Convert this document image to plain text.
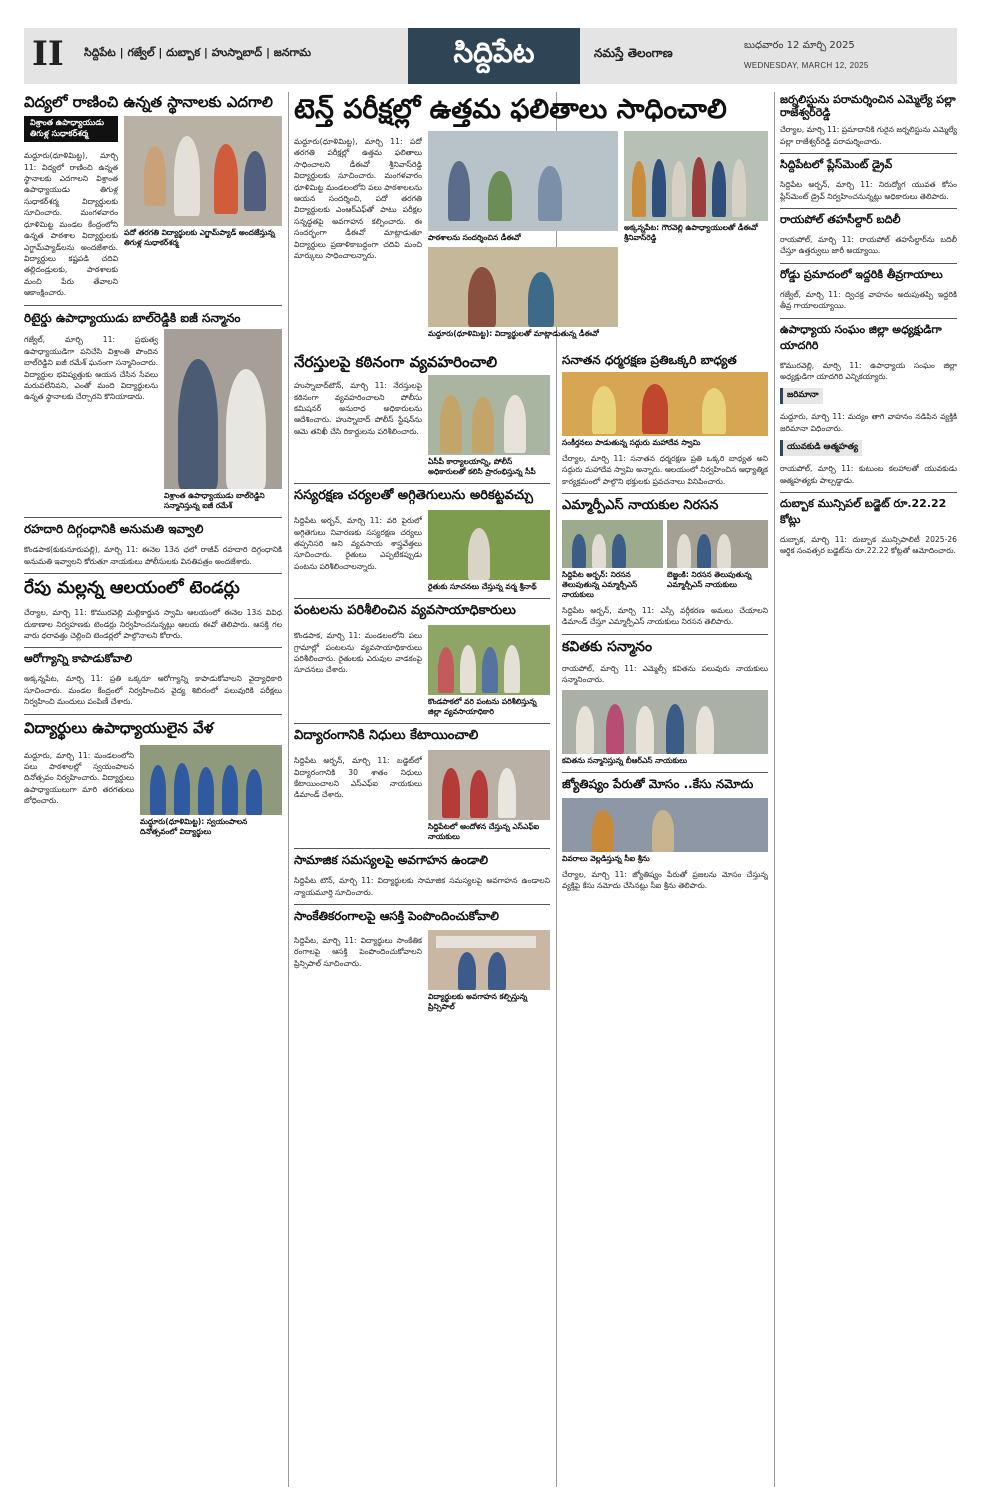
II సిద్దిపేట | గజ్వేల్ | దుబ్బాక | హుస్నాబాద్ | జనగామ	సిద్దిపేట	నమస్తే తెలంగాణ
బుధవారం 12 మార్చి 2025
WEDNESDAY, MARCH 12, 2025
విద్యలో రాణించి ఉన్నత స్థానాలకు ఎదగాలి
విశ్రాంత ఉపాధ్యాయుడు తిగుళ్ల సుధాకర్‌శర్మ
మద్దూరు(ధూళిమిట్ట), మార్చి 11: విద్యలో రాణించి ఉన్నత స్థానాలకు ఎదగాలని విశ్రాంత ఉపాధ్యాయుడు తిగుళ్ల సుధాకర్‌శర్మ విద్యార్థులకు సూచించారు. మంగళవారం ధూళిమిట్ట మండల కేంద్రంలోని ఉన్నత పాఠశాల విద్యార్థులకు ఎగ్జామ్‌ప్యాడ్‌లను అందజేశారు. విద్యార్థులు కష్టపడి చదివి తల్లిదండ్రులకు, పాఠశాలకు మంచి పేరు తేవాలని ఆకాంక్షించారు.
పదో తరగతి విద్యార్థులకు ఎగ్జామ్‌ప్యాడ్‌ అందజేస్తున్న తిగుళ్ల సుధాకర్‌శర్మ
రిటైర్డు ఉపాధ్యాయుడు బాల్‌రెడ్డికి ఐజీ సన్మానం
గజ్వేల్, మార్చి 11: ప్రభుత్వ ఉపాధ్యాయుడిగా పనిచేసి విశ్రాంతి పొందిన బాల్‌రెడ్డిని ఐజీ రమేశ్ ఘనంగా సన్మానించారు. విద్యార్థుల భవిష్యత్తుకు ఆయన చేసిన సేవలు మరువలేనివని, ఎంతో మంది విద్యార్థులను ఉన్నత స్థానాలకు చేర్చారని కొనియాడారు.
విశ్రాంత ఉపాధ్యాయుడు బాల్‌రెడ్డిని సన్మానిస్తున్న ఐజీ రమేశ్
రహదారి దిగ్గంధానికి అనుమతి ఇవ్వాలి
కొండపాక(కుకునూరుపల్లి), మార్చి 11: ఈనెల 13న ఛలో రాజీవ్ రహదారి దిగ్గంధానికి అనుమతి ఇవ్వాలని కోరుతూ నాయకులు పోలీసులకు వినతిపత్రం అందజేశారు.
రేపు మల్లన్న ఆలయంలో టెండర్లు
చేర్యాల, మార్చి 11: కొమురవెల్లి మల్లికార్జున స్వామి ఆలయంలో ఈనెల 13న వివిధ దుకాణాల నిర్వహణకు టెండర్లు నిర్వహించనున్నట్లు ఆలయ ఈవో తెలిపారు. ఆసక్తి గల వారు ధరావత్తు చెల్లించి టెండర్లలో పాల్గొనాలని కోరారు.
ఆరోగ్యాన్ని కాపాడుకోవాలి
అక్కన్నపేట, మార్చి 11: ప్రతి ఒక్కరూ ఆరోగ్యాన్ని కాపాడుకోవాలని వైద్యాధికారి సూచించారు. మండల కేంద్రంలో నిర్వహించిన వైద్య శిబిరంలో పలువురికి పరీక్షలు నిర్వహించి మందులు పంపిణీ చేశారు.
విద్యార్థులు ఉపాధ్యాయులైన వేళ
మద్దూరు, మార్చి 11: మండలంలోని పలు పాఠశాలల్లో స్వయంపాలన దినోత్సవం నిర్వహించారు. విద్యార్థులు ఉపాధ్యాయులుగా మారి తరగతులు బోధించారు.
మద్దూరు(ధూళిమిట్ట): స్వయంపాలన దినోత్సవంలో విద్యార్థులు
టెన్త్ పరీక్షల్లో ఉత్తమ ఫలితాలు సాధించాలి
మద్దూరు(ధూళిమిట్ట), మార్చి 11: పదో తరగతి పరీక్షల్లో ఉత్తమ ఫలితాలు సాధించాలని డీఈవో శ్రీనివాస్‌రెడ్డి విద్యార్థులకు సూచించారు. మంగళవారం ధూళిమిట్ట మండలంలోని పలు పాఠశాలలను ఆయన సందర్శించి, పదో తరగతి విద్యార్థులకు ఎంఆర్‌ఎఫ్‌తో పాటు పరీక్షల సన్నద్ధతపై అవగాహన కల్పించారు. ఈ సందర్భంగా డీఈవో మాట్లాడుతూ విద్యార్థులు ప్రణాళికాబద్ధంగా చదివి మంచి మార్కులు సాధించాలన్నారు.
పాఠశాలను సందర్శించిన డీఈవో
మద్దూరు(ధూళిమిట్ట): విద్యార్థులతో మాట్లాడుతున్న డీఈవో
అక్కన్నపేట: గౌరవెల్లి ఉపాధ్యాయులతో డీఈవో శ్రీనివాస్‌రెడ్డి
నేరస్తులపై కఠినంగా వ్యవహరించాలి
హుస్నాబాద్‌టౌన్, మార్చి 11: నేరస్తులపై కఠినంగా వ్యవహరించాలని పోలీసు కమిషనర్ అనురాధ అధికారులను ఆదేశించారు. హుస్నాబాద్ పోలీస్ స్టేషన్‌ను ఆమె తనిఖీ చేసి రికార్డులను పరిశీలించారు.
ఏసీపీ కార్యాలయాన్ని, పోలీస్ అధికారులతో కలిసి ప్రారంభిస్తున్న సీపీ
సస్యరక్షణ చర్యలతో అగ్గితెగులును అరికట్టవచ్చు
సిద్దిపేట అర్బన్, మార్చి 11: వరి పైరులో అగ్గితెగులు నివారణకు సస్యరక్షణ చర్యలు తప్పనిసరి అని వ్యవసాయ శాస్త్రవేత్తలు సూచించారు. రైతులు ఎప్పటికప్పుడు పంటను పరిశీలించాలన్నారు.
రైతుకు సూచనలు చేస్తున్న వర్మ శ్రీనాథ్
పంటలను పరిశీలించిన వ్యవసాయాధికారులు
కొండపాక, మార్చి 11: మండలంలోని పలు గ్రామాల్లో పంటలను వ్యవసాయాధికారులు పరిశీలించారు. రైతులకు ఎరువుల వాడకంపై సూచనలు చేశారు.
కొండపాకలో వరి పంటను పరిశీలిస్తున్న జిల్లా వ్యవసాయాధికారి
విద్యారంగానికి నిధులు కేటాయించాలి
సిద్దిపేట అర్బన్, మార్చి 11: బడ్జెట్‌లో విద్యారంగానికి 30 శాతం నిధులు కేటాయించాలని ఎస్‌ఎఫ్‌ఐ నాయకులు డిమాండ్ చేశారు.
సిద్దిపేటలో ఆందోళన చేస్తున్న ఎస్‌ఎఫ్‌ఐ నాయకులు
సామాజిక సమస్యలపై అవగాహన ఉండాలి
సిద్దిపేట టౌన్, మార్చి 11: విద్యార్థులకు సామాజిక సమస్యలపై అవగాహన ఉండాలని న్యాయమూర్తి సూచించారు.
సాంకేతికరంగాలపై ఆసక్తి పెంపొందించుకోవాలి
సిద్దిపేట, మార్చి 11: విద్యార్థులు సాంకేతిక రంగాలపై ఆసక్తి పెంపొందించుకోవాలని ప్రిన్సిపాల్ సూచించారు.
విద్యార్థులకు అవగాహన కల్పిస్తున్న ప్రిన్సిపాల్
సనాతన ధర్మరక్షణ ప్రతిఒక్కరి బాధ్యత
సంకీర్తనలు పాడుతున్న సద్గురు మహాదేవ స్వామి
చేర్యాల, మార్చి 11: సనాతన ధర్మరక్షణ ప్రతి ఒక్కరి బాధ్యత అని సద్గురు మహాదేవ స్వామి అన్నారు. ఆలయంలో నిర్వహించిన ఆధ్యాత్మిక కార్యక్రమంలో పాల్గొని భక్తులకు ప్రవచనాలు వినిపించారు.
ఎమ్మార్పీఎస్ నాయకుల నిరసన
సిద్దిపేట అర్బన్: నిరసన తెలుపుతున్న ఎమ్మార్పీఎస్ నాయకులు
బెజ్జంకి: నిరసన తెలుపుతున్న ఎమ్మార్పీఎస్ నాయకులు
సిద్దిపేట అర్బన్, మార్చి 11: ఎస్సీ వర్గీకరణ అమలు చేయాలని డిమాండ్ చేస్తూ ఎమ్మార్పీఎస్ నాయకులు నిరసన తెలిపారు.
కవితకు సన్మానం
రాయపోల్, మార్చి 11: ఎమ్మెల్సీ కవితను పలువురు నాయకులు సన్మానించారు.
కవితను సన్మానిస్తున్న బీఆర్ఎస్ నాయకులు
జ్యోతిష్యం పేరుతో మోసం ..కేసు నమోదు
వివరాలు వెల్లడిస్తున్న సీఐ శ్రీను
చేర్యాల, మార్చి 11: జ్యోతిష్యం పేరుతో ప్రజలను మోసం చేస్తున్న వ్యక్తిపై కేసు నమోదు చేసినట్లు సీఐ శ్రీను తెలిపారు.
జర్నలిస్టును పరామర్శించిన ఎమ్మెల్యే పల్లా రాజేశ్వర్‌రెడ్డి
చేర్యాల, మార్చి 11: ప్రమాదానికి గురైన జర్నలిస్టును ఎమ్మెల్యే పల్లా రాజేశ్వర్‌రెడ్డి పరామర్శించారు.
సిద్దిపేటలో ప్లేస్‌మెంట్ డ్రైవ్
సిద్దిపేట అర్బన్, మార్చి 11: నిరుద్యోగ యువత కోసం ప్లేస్‌మెంట్ డ్రైవ్ నిర్వహించనున్నట్లు అధికారులు తెలిపారు.
రాయపోల్ తహసీల్దార్ బదిలీ
రాయపోల్, మార్చి 11: రాయపోల్ తహసీల్దార్‌ను బదిలీ చేస్తూ ఉత్తర్వులు జారీ అయ్యాయి.
రోడ్డు ప్రమాదంలో ఇద్దరికి తీవ్రగాయాలు
గజ్వేల్, మార్చి 11: ద్విచక్ర వాహనం అదుపుతప్పి ఇద్దరికి తీవ్ర గాయాలయ్యాయి.
ఉపాధ్యాయ సంఘం జిల్లా అధ్యక్షుడిగా యాదగిరి
కొమురవెల్లి, మార్చి 11: ఉపాధ్యాయ సంఘం జిల్లా అధ్యక్షుడిగా యాదగిరి ఎన్నికయ్యారు.
జరిమానా
మద్దూరు, మార్చి 11: మద్యం తాగి వాహనం నడిపిన వ్యక్తికి జరిమానా విధించారు.
యువకుడి ఆత్మహత్య
రాయపోల్, మార్చి 11: కుటుంబ కలహాలతో యువకుడు ఆత్మహత్యకు పాల్పడ్డాడు.
దుబ్బాక మున్సిపల్ బడ్జెట్ రూ.22.22 కోట్లు
దుబ్బాక, మార్చి 11: దుబ్బాక మున్సిపాలిటీ 2025-26 ఆర్థిక సంవత్సర బడ్జెట్‌ను రూ.22.22 కోట్లతో ఆమోదించారు.
